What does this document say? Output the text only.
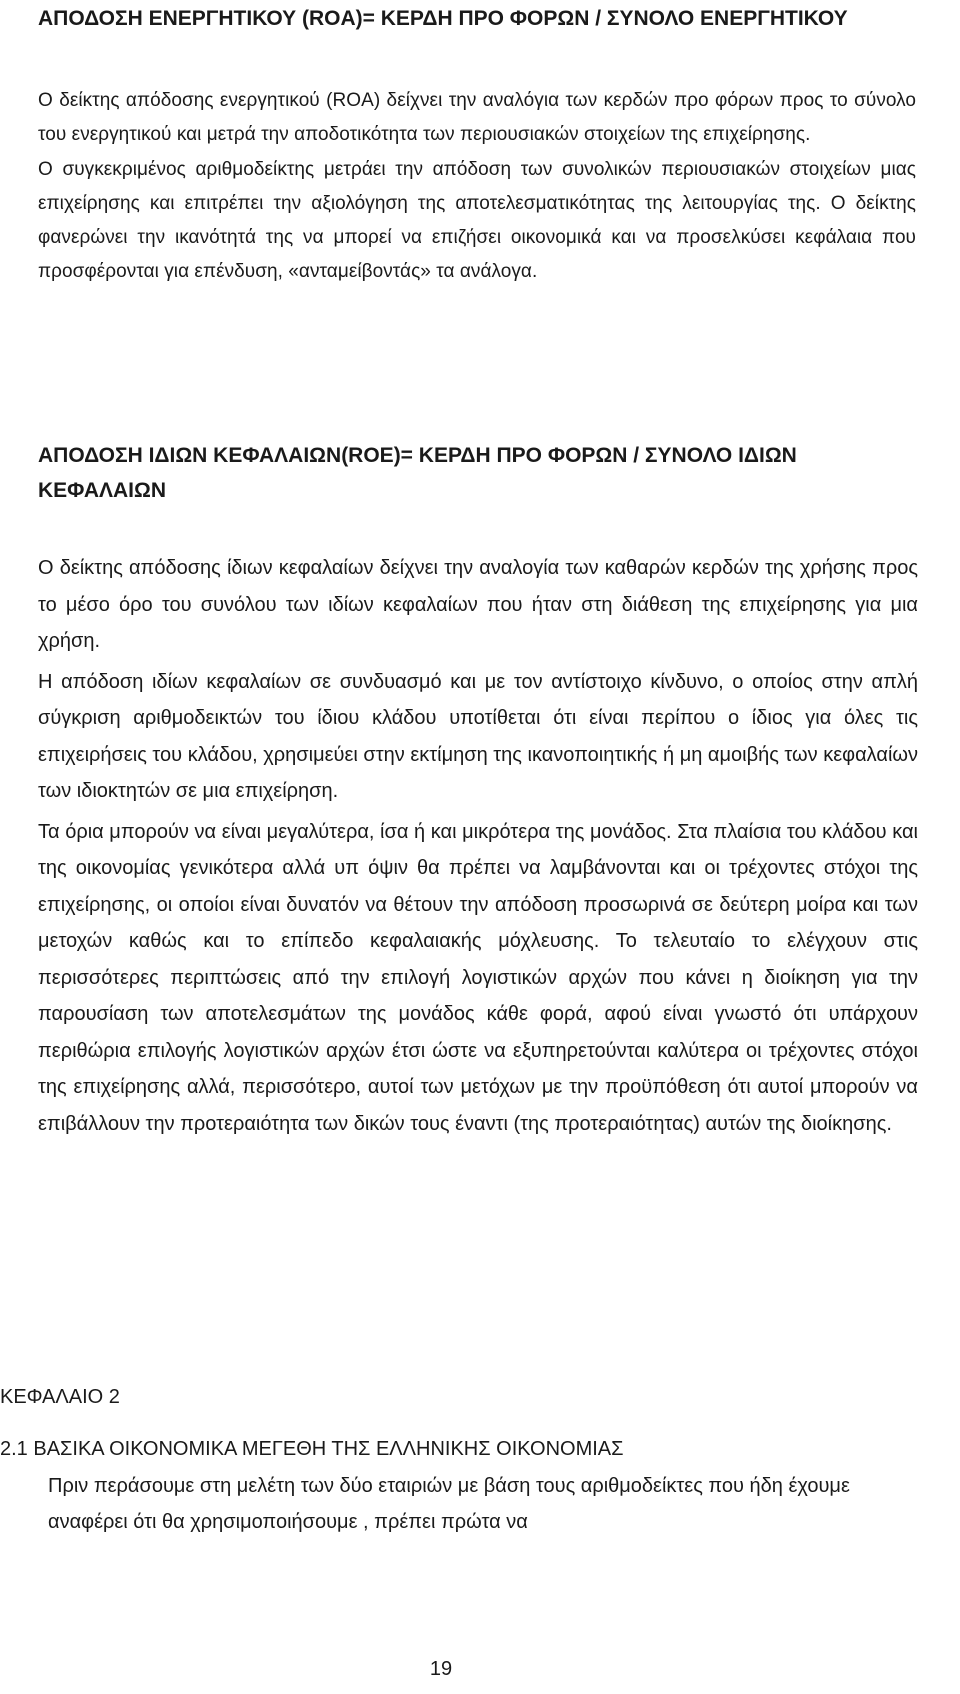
ΑΠΟΔΟΣΗ ΕΝΕΡΓΗΤΙΚΟΥ (ROA)= ΚΕΡΔΗ ΠΡΟ ΦΟΡΩΝ / ΣΥΝΟΛΟ ΕΝΕΡΓΗΤΙΚΟΥ

Ο δείκτης απόδοσης ενεργητικού (ROA) δείχνει την αναλόγια των κερδών προ φόρων προς το σύνολο του ενεργητικού και μετρά την αποδοτικότητα των περιουσιακών στοιχείων της επιχείρησης.

Ο συγκεκριμένος αριθμοδείκτης μετράει την απόδοση των συνολικών περιουσιακών στοιχείων μιας επιχείρησης και επιτρέπει την αξιολόγηση της αποτελεσματικότητας της λειτουργίας της. Ο δείκτης φανερώνει την ικανότητά της να μπορεί να επιζήσει οικονομικά και να προσελκύσει κεφάλαια που προσφέρονται για επένδυση, «ανταμείβοντάς» τα ανάλογα.

ΑΠΟΔΟΣΗ ΙΔΙΩΝ ΚΕΦΑΛΑΙΩΝ(ROE)= ΚΕΡΔΗ ΠΡΟ ΦΟΡΩΝ / ΣΥΝΟΛΟ ΙΔΙΩΝ ΚΕΦΑΛΑΙΩΝ

Ο δείκτης απόδοσης ίδιων κεφαλαίων δείχνει την αναλογία των καθαρών κερδών της χρήσης προς το μέσο όρο του συνόλου των ιδίων κεφαλαίων που ήταν στη διάθεση της επιχείρησης για μια χρήση.

Η απόδοση ιδίων κεφαλαίων σε συνδυασμό και με τον αντίστοιχο κίνδυνο, ο οποίος στην απλή σύγκριση αριθμοδεικτών του ίδιου κλάδου υποτίθεται ότι είναι περίπου ο ίδιος για όλες τις επιχειρήσεις του κλάδου, χρησιμεύει στην εκτίμηση της ικανοποιητικής ή μη αμοιβής των κεφαλαίων των ιδιοκτητών σε μια επιχείρηση.

Τα όρια μπορούν να είναι μεγαλύτερα, ίσα ή και μικρότερα της μονάδος. Στα πλαίσια του κλάδου και της οικονομίας γενικότερα αλλά υπ όψιν θα πρέπει να λαμβάνονται και οι τρέχοντες στόχοι της επιχείρησης, οι οποίοι είναι δυνατόν να θέτουν την απόδοση προσωρινά σε δεύτερη μοίρα και των μετοχών καθώς και το επίπεδο κεφαλαιακής μόχλευσης. Το τελευταίο το ελέγχουν στις περισσότερες περιπτώσεις από την επιλογή λογιστικών αρχών που κάνει η διοίκηση για την παρουσίαση των αποτελεσμάτων της μονάδος κάθε φορά, αφού είναι γνωστό ότι υπάρχουν περιθώρια επιλογής λογιστικών αρχών έτσι ώστε να εξυπηρετούνται καλύτερα οι τρέχοντες στόχοι της επιχείρησης αλλά, περισσότερο, αυτοί των μετόχων με την προϋπόθεση ότι αυτοί μπορούν να επιβάλλουν την προτεραιότητα των δικών τους έναντι (της προτεραιότητας) αυτών της διοίκησης.

ΚΕΦΑΛΑΙΟ 2
2.1 ΒΑΣΙΚΑ ΟΙΚΟΝΟΜΙΚΑ ΜΕΓΕΘΗ ΤΗΣ ΕΛΛΗΝΙΚΗΣ ΟΙΚΟΝΟΜΙΑΣ

Πριν περάσουμε στη μελέτη των δύο εταιριών με βάση τους αριθμοδείκτες που ήδη έχουμε αναφέρει ότι θα χρησιμοποιήσουμε , πρέπει πρώτα να

19
